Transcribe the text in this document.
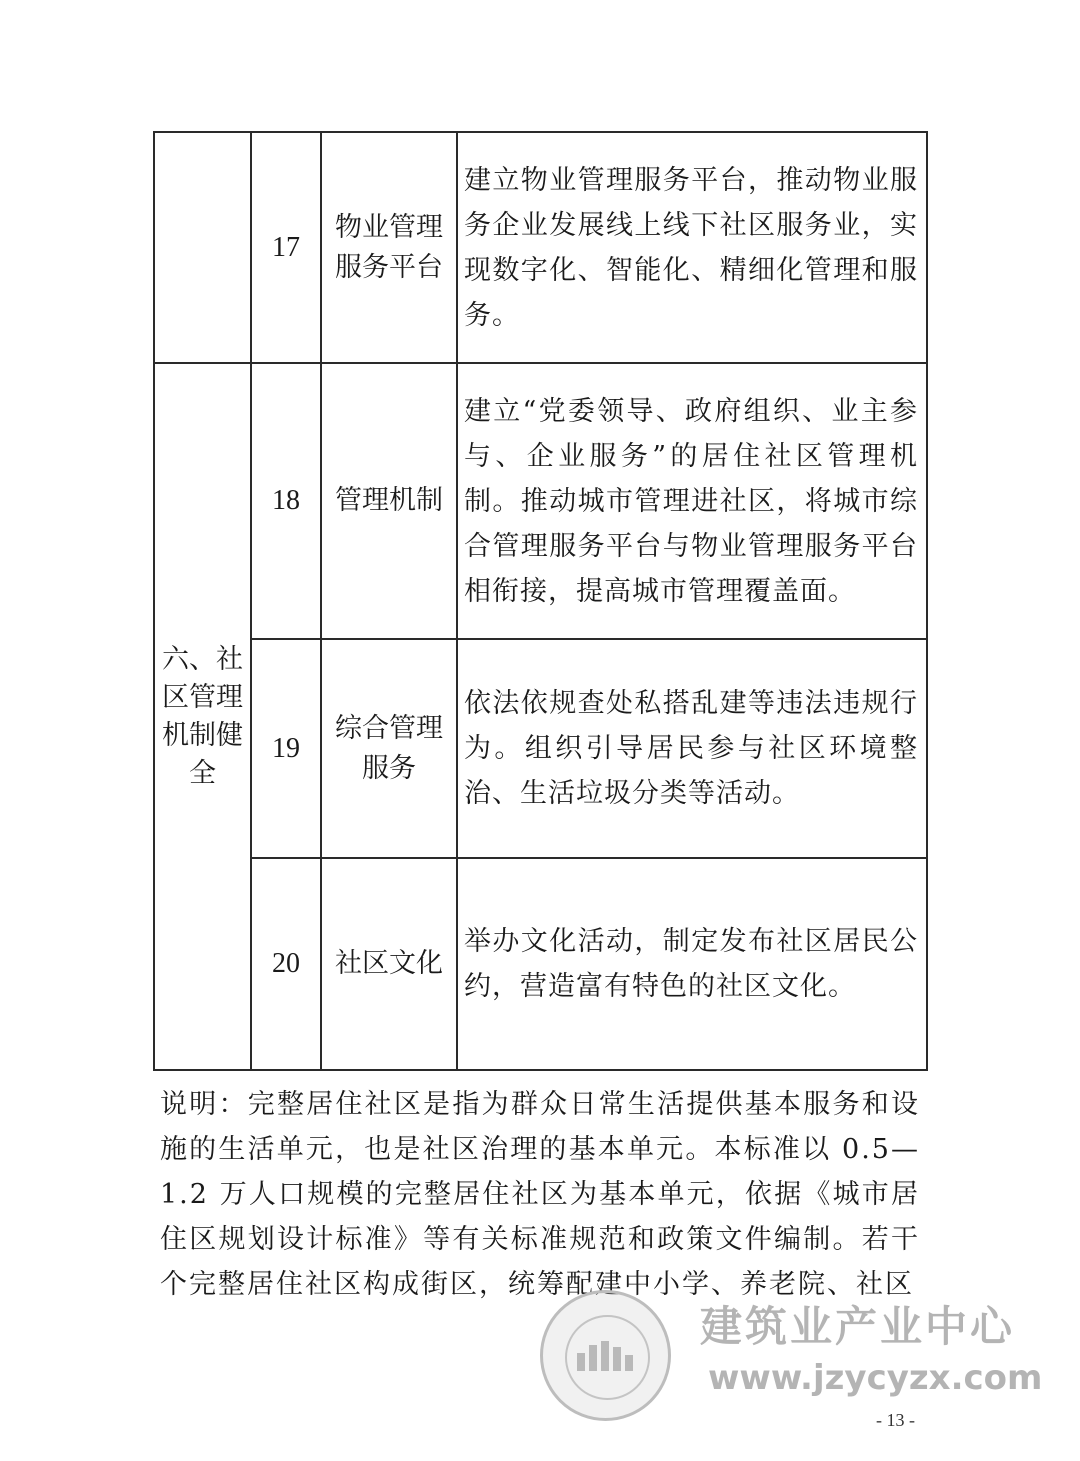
	17	物业管理服务平台	建立物业管理服务平台，推动物业服务企业发展线上线下社区服务业，实现数字化、智能化、精细化管理和服务。
六、社区管理机制健全	18	管理机制	建立“党委领导、政府组织、业主参与、企业服务”的居住社区管理机制。推动城市管理进社区，将城市综合管理服务平台与物业管理服务平台相衔接，提高城市管理覆盖面。
	19	综合管理服务	依法依规查处私搭乱建等违法违规行为。组织引导居民参与社区环境整治、生活垃圾分类等活动。
	20	社区文化	举办文化活动，制定发布社区居民公约，营造富有特色的社区文化。
说明：完整居住社区是指为群众日常生活提供基本服务和设施的生活单元，也是社区治理的基本单元。本标准以 0.5—1.2 万人口规模的完整居住社区为基本单元，依据《城市居住区规划设计标准》等有关标准规范和政策文件编制。若干个完整居住社区构成街区，统筹配建中小学、养老院、社区
建筑业产业中心
www.jzycyzx.com
- 13 -
